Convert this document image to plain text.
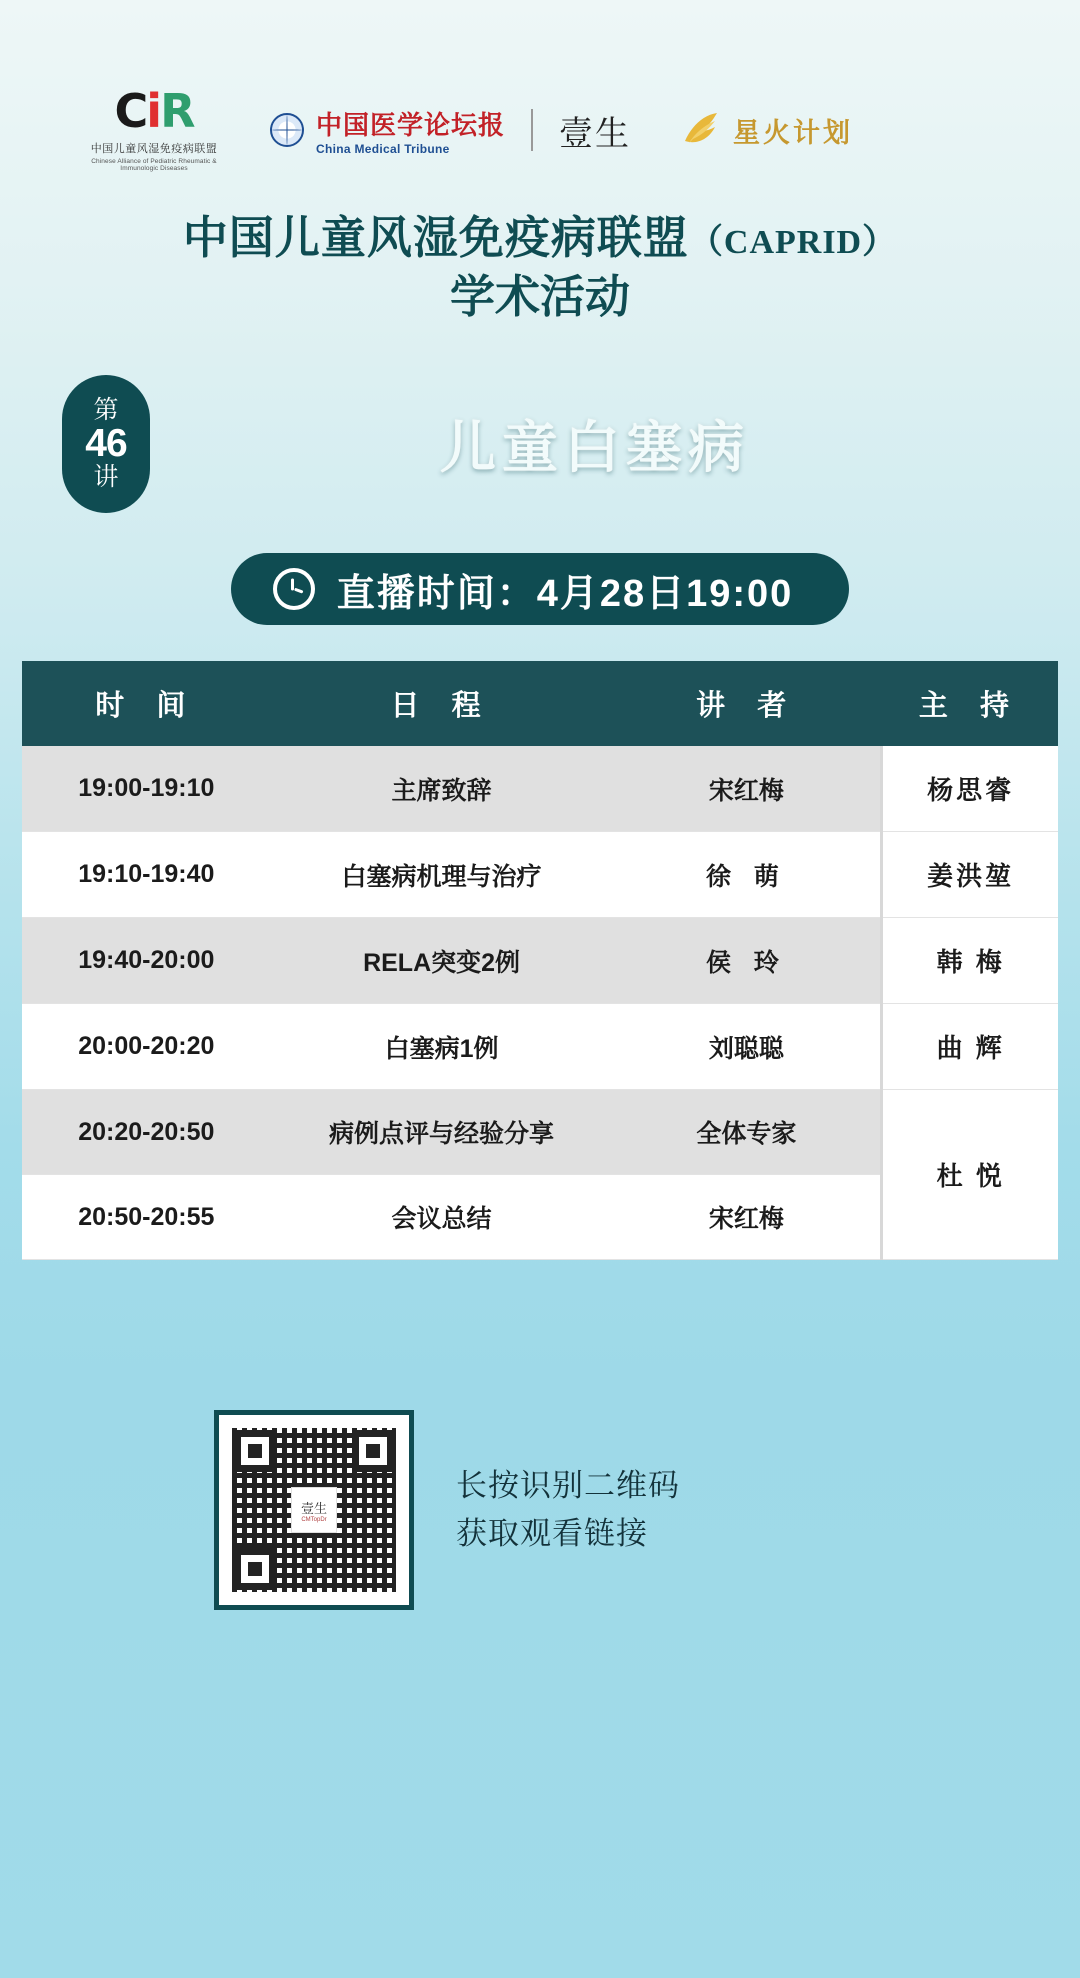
CiR
中国儿童风湿免疫病联盟
Chinese Alliance of Pediatric Rheumatic & Immunologic Diseases
中国医学论坛报
China Medical Tribune	壹生	星火计划
中国儿童风湿免疫病联盟（CAPRID）
学术活动
第
46
讲	儿童白塞病
直播时间：4月28日19:00
时 间	日 程	讲 者	主 持
19:00-19:10	主席致辞	宋红梅	杨思睿
19:10-19:40	白塞病机理与治疗	徐 萌	姜洪堃
19:40-20:00	RELA突变2例	侯 玲	韩 梅
20:00-20:20	白塞病1例	刘聪聪	曲 辉
20:20-20:50	病例点评与经验分享	全体专家	杜 悦
20:50-20:55	会议总结	宋红梅	
壹生
CMTopDr
长按识别二维码
获取观看链接
